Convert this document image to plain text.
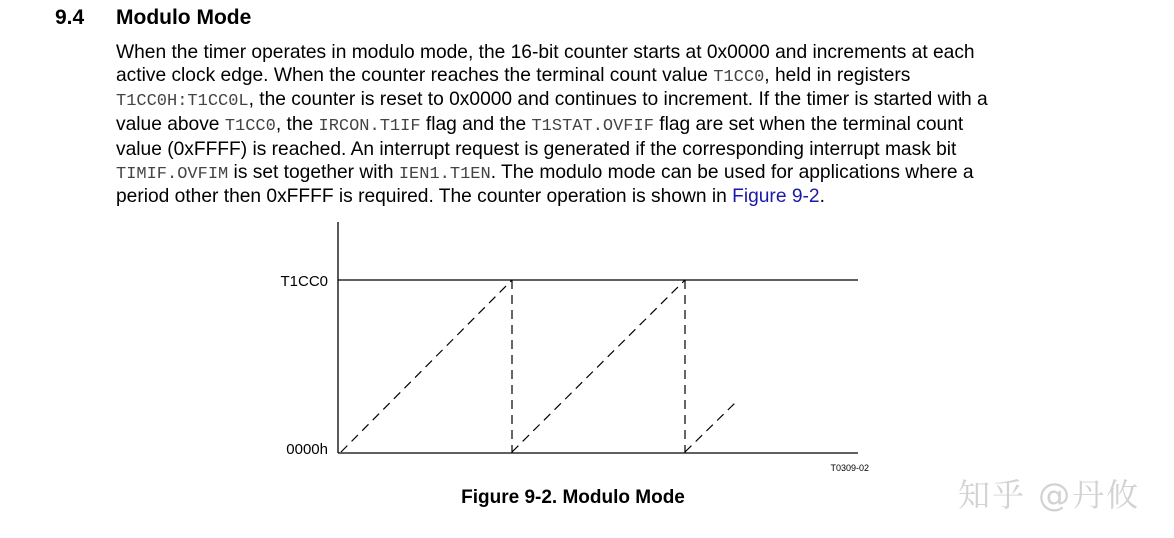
9.4 Modulo Mode
When the timer operates in modulo mode, the 16-bit counter starts at 0x0000 and increments at each
active clock edge. When the counter reaches the terminal count value T1CC0, held in registers
T1CC0H:T1CC0L, the counter is reset to 0x0000 and continues to increment. If the timer is started with a
value above T1CC0, the IRCON.T1IF flag and the T1STAT.OVFIF flag are set when the terminal count
value (0xFFFF) is reached. An interrupt request is generated if the corresponding interrupt mask bit
TIMIF.OVFIM is set together with IEN1.T1EN. The modulo mode can be used for applications where a
period other then 0xFFFF is required. The counter operation is shown in Figure 9-2.
T1CC0
0000h
T0309-02
Figure 9-2. Modulo Mode	知乎 @丹攸
